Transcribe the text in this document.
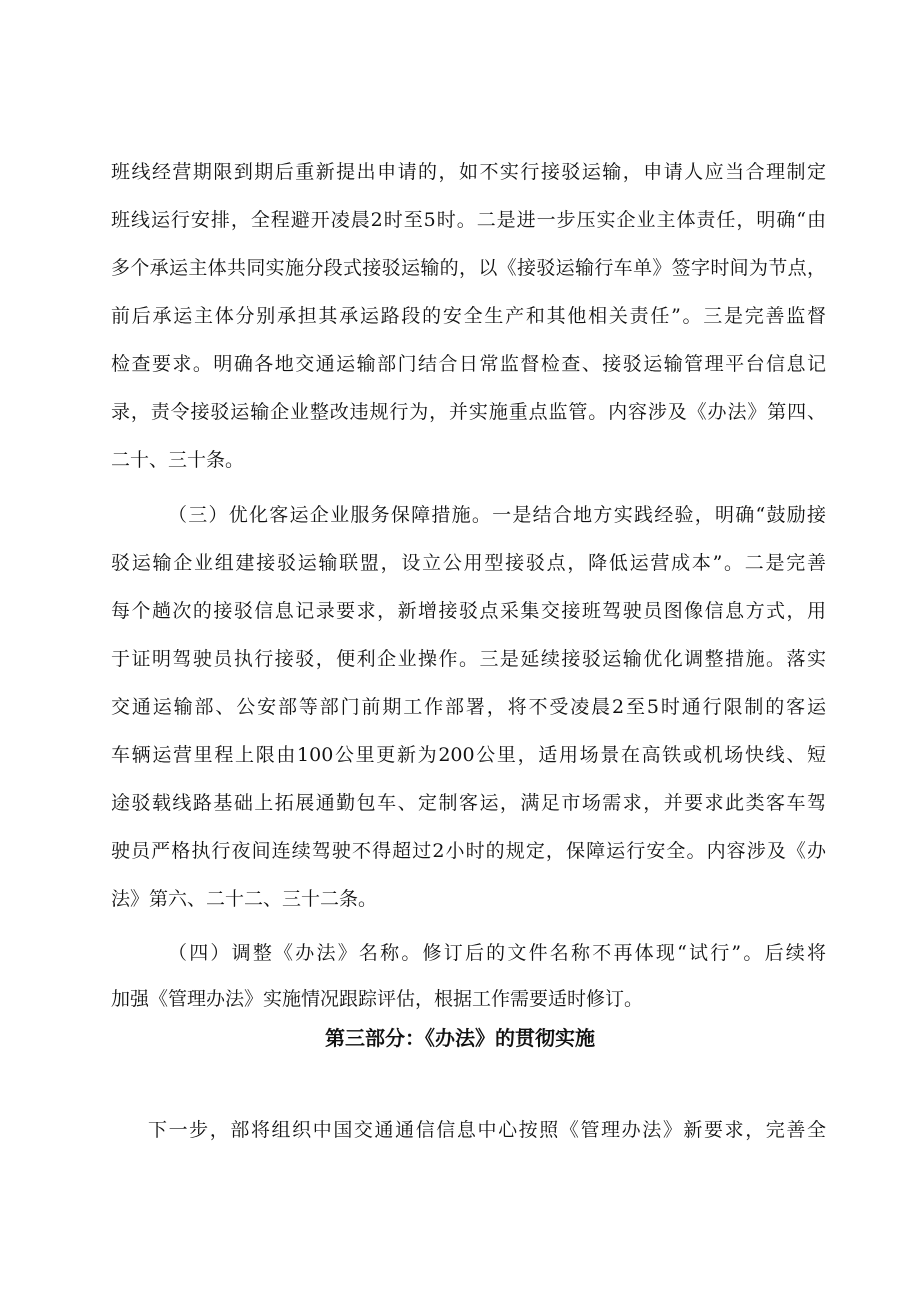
班线经营期限到期后重新提出申请的，如不实行接驳运输，申请人应当合理制定
班线运行安排，全程避开凌晨2时至5时。二是进一步压实企业主体责任，明确“由
多个承运主体共同实施分段式接驳运输的，以《接驳运输行车单》签字时间为节点，
前后承运主体分别承担其承运路段的安全生产和其他相关责任”。三是完善监督
检查要求。明确各地交通运输部门结合日常监督检查、接驳运输管理平台信息记
录，责令接驳运输企业整改违规行为，并实施重点监管。内容涉及《办法》第四、
二十、三十条。
（三）优化客运企业服务保障措施。一是结合地方实践经验，明确“鼓励接
驳运输企业组建接驳运输联盟，设立公用型接驳点，降低运营成本”。二是完善
每个趟次的接驳信息记录要求，新增接驳点采集交接班驾驶员图像信息方式，用
于证明驾驶员执行接驳，便利企业操作。三是延续接驳运输优化调整措施。落实
交通运输部、公安部等部门前期工作部署，将不受凌晨2至5时通行限制的客运
车辆运营里程上限由100公里更新为200公里，适用场景在高铁或机场快线、短
途驳载线路基础上拓展通勤包车、定制客运，满足市场需求，并要求此类客车驾
驶员严格执行夜间连续驾驶不得超过2小时的规定，保障运行安全。内容涉及《办
法》第六、二十二、三十二条。
（四）调整《办法》名称。修订后的文件名称不再体现“试行”。后续将
加强《管理办法》实施情况跟踪评估，根据工作需要适时修订。
第三部分：《办法》的贯彻实施
下一步，部将组织中国交通通信信息中心按照《管理办法》新要求，完善全
